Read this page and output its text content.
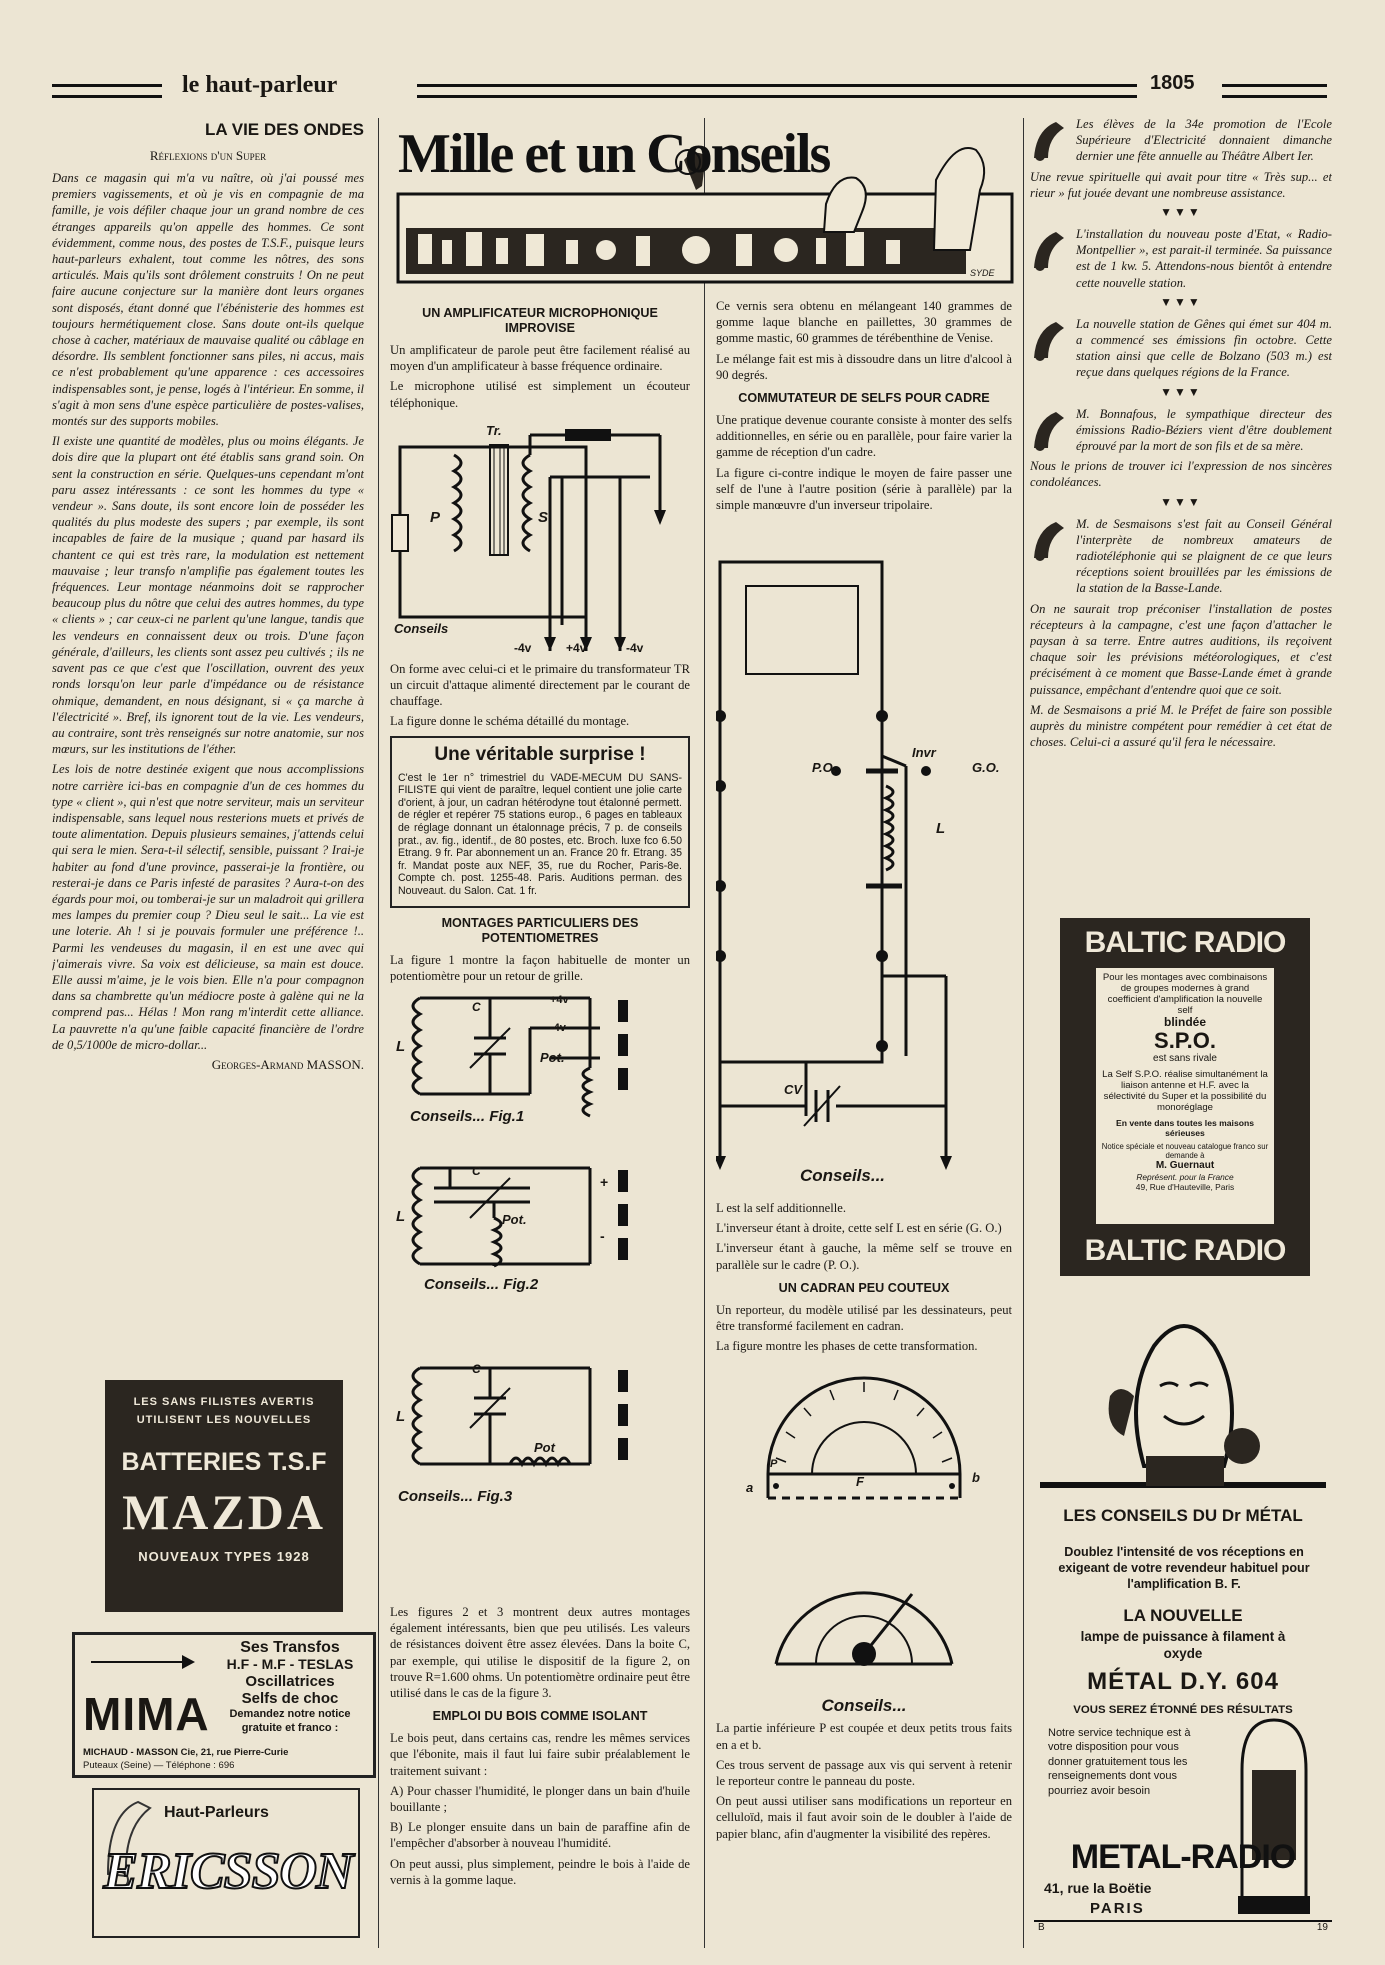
le haut-parleur	1805
LA VIE DES ONDES
Réflexions d'un Super

Dans ce magasin qui m'a vu naître, où j'ai poussé mes premiers vagissements, et où je vis en compagnie de ma famille, je vois défiler chaque jour un grand nombre de ces étranges appareils qu'on appelle des hommes. Ce sont évidemment, comme nous, des postes de T.S.F., puisque leurs haut-parleurs exhalent, tout comme les nôtres, des sons articulés. Mais qu'ils sont drôlement construits ! On ne peut faire aucune conjecture sur la manière dont leurs organes sont disposés, étant donné que l'ébénisterie des hommes est toujours hermétiquement close. Sans doute ont-ils quelque chose à cacher, matériaux de mauvaise qualité ou câblage en désordre. Ils semblent fonctionner sans piles, ni accus, mais ce n'est probablement qu'une apparence : ces accessoires indispensables sont, je pense, logés à l'intérieur. En somme, il s'agit à mon sens d'une espèce particulière de postes-valises, montés sur des supports mobiles.

Il existe une quantité de modèles, plus ou moins élégants. Je dois dire que la plupart ont été établis sans grand soin. On sent la construction en série. Quelques-uns cependant m'ont paru assez intéressants : ce sont les hommes du type « vendeur ». Sans doute, ils sont encore loin de posséder les qualités du plus modeste des supers ; par exemple, ils sont incapables de faire de la musique ; quand par hasard ils chantent ce qui est très rare, la modulation est nettement mauvaise ; leur transfo n'amplifie pas également toutes les fréquences. Leur montage néanmoins doit se rapprocher beaucoup plus du nôtre que celui des autres hommes, du type « clients » ; car ceux-ci ne parlent qu'une langue, tandis que les vendeurs en connaissent deux ou trois. D'une façon générale, d'ailleurs, les clients sont assez peu cultivés ; ils ne savent pas ce que c'est que l'oscillation, ouvrent des yeux ronds lorsqu'on leur parle d'impédance ou de résistance ohmique, demandent, en nous désignant, si « ça marche à l'électricité ». Bref, ils ignorent tout de la vie. Les vendeurs, au contraire, sont très renseignés sur notre anatomie, sur nos mœurs, sur les institutions de l'éther.

Les lois de notre destinée exigent que nous accomplissions notre carrière ici-bas en compagnie d'un de ces hommes du type « client », qui n'est que notre serviteur, mais un serviteur indispensable, sans lequel nous resterions muets et privés de toute alimentation. Depuis plusieurs semaines, j'attends celui qui sera le mien. Sera-t-il sélectif, sensible, puissant ? Irai-je habiter au fond d'une province, passerai-je la frontière, ou resterai-je dans ce Paris infesté de parasites ? Aura-t-on des égards pour moi, ou tomberai-je sur un maladroit qui grillera mes lampes du premier coup ? Dieu seul le sait... La vie est une loterie. Ah ! si je pouvais formuler une préférence !.. Parmi les vendeuses du magasin, il en est une avec qui j'aimerais vivre. Sa voix est délicieuse, sa main est douce. Elle aussi m'aime, je le vois bien. Elle n'a pour compagnon dans sa chambrette qu'un médiocre poste à galène qui ne la comprend pas... Hélas ! Mon rang m'interdit cette alliance. La pauvrette n'a qu'une faible capacité financière de l'ordre de 0,5/1000e de micro-dollar...

Georges-Armand MASSON.
LES SANS FILISTES AVERTIS
UTILISENT LES NOUVELLES
BATTERIES T.S.F
MAZDA
NOUVEAUX TYPES 1928
MIMA
Ses Transfos
H.F - M.F - TESLAS
Oscillatrices
Selfs de choc
Demandez notre notice
gratuite et franco :
MICHAUD - MASSON Cie, 21, rue Pierre-Curie
Puteaux (Seine) — Téléphone : 696
Haut-Parleurs
ERICSSON
Mille et un Conseils
SYDE
UN AMPLIFICATEUR MICROPHONIQUE IMPROVISE

Un amplificateur de parole peut être facilement réalisé au moyen d'un amplificateur à basse fréquence ordinaire.

Le microphone utilisé est simplement un écouteur téléphonique.

Tr.
P	S
Conseils
-4v	+4v	-4v

On forme avec celui-ci et le primaire du transformateur TR un circuit d'attaque alimenté directement par le courant de chauffage.

La figure donne le schéma détaillé du montage.

Une véritable surprise !

C'est le 1er n° trimestriel du VADE-MECUM DU SANS-FILISTE qui vient de paraître, lequel contient une jolie carte d'orient, à jour, un cadran hétérodyne tout étalonné permett. de régler et repérer 75 stations europ., 6 pages en tableaux de réglage donnant un étalonnage précis, 7 p. de conseils prat., av. fig., identif., de 80 postes, etc. Broch. luxe fco 6.50 Etrang. 9 fr. Par abonnement un an. France 20 fr. Etrang. 35 fr. Mandat poste aux NEF, 35, rue du Rocher, Paris-8e. Compte ch. post. 1255-48. Paris. Auditions perman. des Nouveaut. du Salon. Cat. 1 fr.

MONTAGES PARTICULIERS DES POTENTIOMETRES

La figure 1 montre la façon habituelle de monter un potentiomètre pour un retour de grille.

L
C	+4v
-4v
Pot.
Conseils... Fig.1
L
C
Pot.
+
-
Conseils... Fig.2
L
C
Pot
Conseils... Fig.3

Les figures 2 et 3 montrent deux autres montages également intéressants, bien que peu utilisés. Les valeurs de résistances doivent être assez élevées. Dans la boite C, par exemple, qui utilise le dispositif de la figure 2, on trouve R=1.600 ohms. Un potentiomètre ordinaire peut être utilisé dans le cas de la figure 3.

EMPLOI DU BOIS COMME ISOLANT

Le bois peut, dans certains cas, rendre les mêmes services que l'ébonite, mais il faut lui faire subir préalablement le traitement suivant :

A) Pour chasser l'humidité, le plonger dans un bain d'huile bouillante ;

B) Le plonger ensuite dans un bain de paraffine afin de l'empêcher d'absorber à nouveau l'humidité.

On peut aussi, plus simplement, peindre le bois à l'aide de vernis à la gomme laque.

Ce vernis sera obtenu en mélangeant 140 grammes de gomme laque blanche en paillettes, 30 grammes de gomme mastic, 60 grammes de térébenthine de Venise.

Le mélange fait est mis à dissoudre dans un litre d'alcool à 90 degrés.

COMMUTATEUR DE SELFS POUR CADRE

Une pratique devenue courante consiste à monter des selfs additionnelles, en série ou en parallèle, pour faire varier la gamme de réception d'un cadre.

La figure ci-contre indique le moyen de faire passer une self de l'une à l'autre position (série à parallèle) par la simple manœuvre d'un inverseur tripolaire.

P.O.
Invr
G.O.
L
CV
Conseils...

L est la self additionnelle.

L'inverseur étant à droite, cette self L est en série (G. O.)

L'inverseur étant à gauche, la même self se trouve en parallèle sur le cadre (P. O.).

UN CADRAN PEU COUTEUX

Un reporteur, du modèle utilisé par les dessinateurs, peut être transformé facilement en cadran.

La figure montre les phases de cette transformation.

a
b
F
P
Conseils...

La partie inférieure P est coupée et deux petits trous faits en a et b.

Ces trous servent de passage aux vis qui servent à retenir le reporteur contre le panneau du poste.

On peut aussi utiliser sans modifications un reporteur en celluloïd, mais il faut avoir soin de le doubler à l'aide de papier blanc, afin d'augmenter la visibilité des repères.

Les élèves de la 34e promotion de l'Ecole Supérieure d'Electricité donnaient dimanche dernier une fête annuelle au Théâtre Albert Ier.

Une revue spirituelle qui avait pour titre « Très sup... et rieur » fut jouée devant une nombreuse assistance.

▼▼▼

L'installation du nouveau poste d'Etat, « Radio-Montpellier », est parait-il terminée. Sa puissance est de 1 kw. 5. Attendons-nous bientôt à entendre cette nouvelle station.

▼▼▼

La nouvelle station de Gênes qui émet sur 404 m. a commencé ses émissions fin octobre. Cette station ainsi que celle de Bolzano (503 m.) est reçue dans quelques régions de la France.

▼▼▼

M. Bonnafous, le sympathique directeur des émissions Radio-Béziers vient d'être doublement éprouvé par la mort de son fils et de sa mère.

Nous le prions de trouver ici l'expression de nos sincères condoléances.

▼▼▼

M. de Sesmaisons s'est fait au Conseil Général l'interprète de nombreux amateurs de radiotéléphonie qui se plaignent de ce que leurs réceptions soient brouillées par les émissions de la station de la Basse-Lande.

On ne saurait trop préconiser l'installation de postes récepteurs à la campagne, c'est une façon d'attacher le paysan à sa terre. Entre autres auditions, ils reçoivent chaque soir les prévisions météorologiques, et c'est précisément à ce moment que Basse-Lande émet à grande puissance, empêchant d'entendre quoi que ce soit.

M. de Sesmaisons a prié M. le Préfet de faire son possible auprès du ministre compétent pour remédier à cet état de choses. Celui-ci a assuré qu'il fera le nécessaire.

BALTIC RADIO
Pour les montages avec combinaisons de groupes modernes à grand coefficient d'amplification la nouvelle self
blindée
S.P.O.
est sans rivale
La Self S.P.O. réalise simultanément la liaison antenne et H.F. avec la sélectivité du Super et la possibilité du monoréglage
En vente dans toutes les maisons sérieuses
Notice spéciale et nouveau catalogue franco sur demande à
M. Guernaut
Représent. pour la France
49, Rue d'Hauteville, Paris
BALTIC RADIO
LES CONSEILS DU Dr MÉTAL
Doublez l'intensité de vos réceptions en exigeant de votre revendeur habituel pour l'amplification B. F.
LA NOUVELLE
lampe de puissance à filament à oxyde
MÉTAL D.Y. 604
VOUS SEREZ ÉTONNÉ DES RÉSULTATS
Notre service technique est à votre disposition pour vous donner gratuitement tous les renseignements dont vous pourriez avoir besoin
METAL-RADIO
41, rue la Boëtie
PARIS
B	19
